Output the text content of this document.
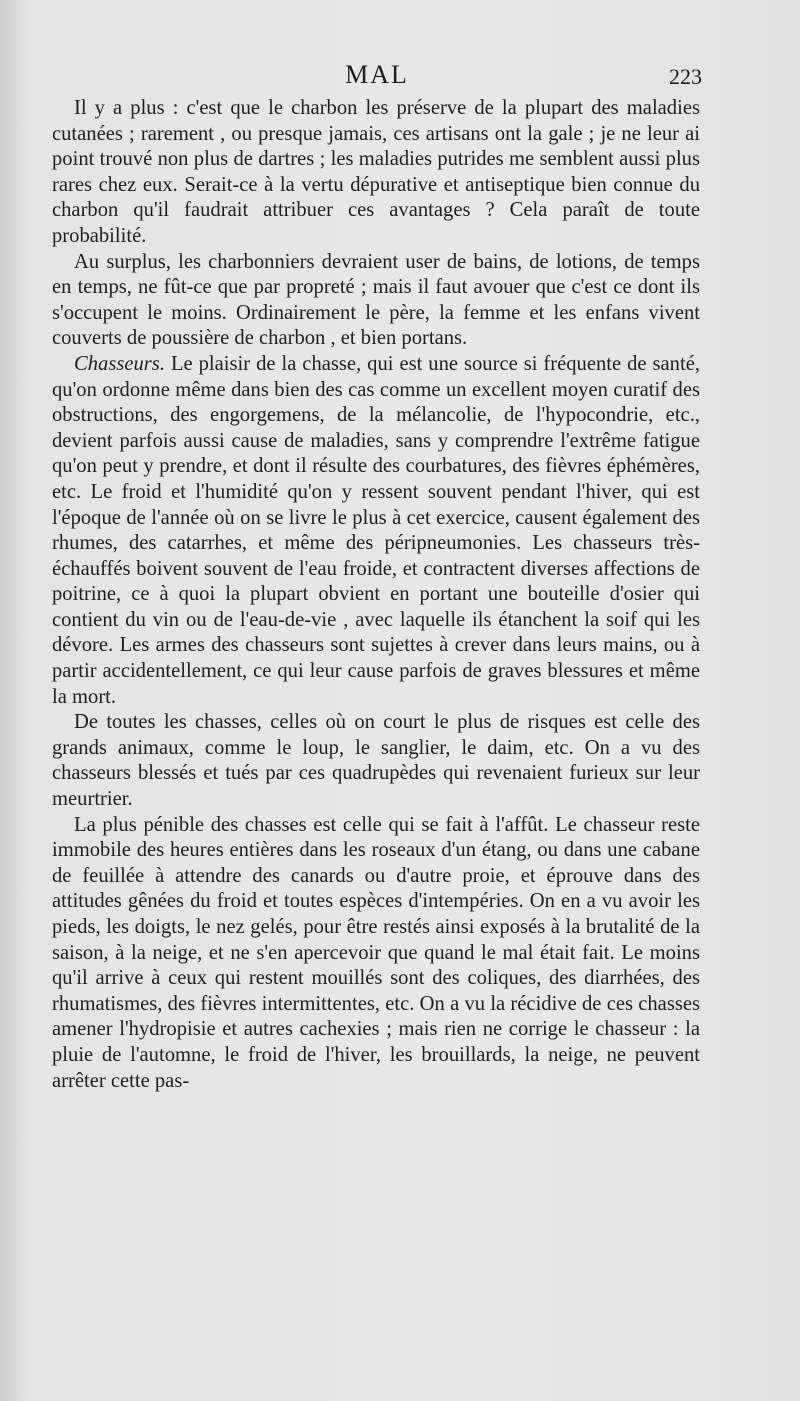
MAL	223

Il y a plus : c'est que le charbon les préserve de la plupart des maladies cutanées ; rarement , ou presque jamais, ces artisans ont la gale ; je ne leur ai point trouvé non plus de dartres ; les maladies putrides me semblent aussi plus rares chez eux. Serait-ce à la vertu dépurative et antiseptique bien connue du charbon qu'il faudrait attribuer ces avantages ? Cela paraît de toute probabilité.

Au surplus, les charbonniers devraient user de bains, de lotions, de temps en temps, ne fût-ce que par propreté ; mais il faut avouer que c'est ce dont ils s'occupent le moins. Ordinairement le père, la femme et les enfans vivent couverts de poussière de charbon , et bien portans.

Chasseurs. Le plaisir de la chasse, qui est une source si fréquente de santé, qu'on ordonne même dans bien des cas comme un excellent moyen curatif des obstructions, des engorgemens, de la mélancolie, de l'hypocondrie, etc., devient parfois aussi cause de maladies, sans y comprendre l'extrême fatigue qu'on peut y prendre, et dont il résulte des courbatures, des fièvres éphémères, etc. Le froid et l'humidité qu'on y ressent souvent pendant l'hiver, qui est l'époque de l'année où on se livre le plus à cet exercice, causent également des rhumes, des catarrhes, et même des péripneumonies. Les chasseurs très-échauffés boivent souvent de l'eau froide, et contractent diverses affections de poitrine, ce à quoi la plupart obvient en portant une bouteille d'osier qui contient du vin ou de l'eau-de-vie , avec laquelle ils étanchent la soif qui les dévore. Les armes des chasseurs sont sujettes à crever dans leurs mains, ou à partir accidentellement, ce qui leur cause parfois de graves blessures et même la mort.

De toutes les chasses, celles où on court le plus de risques est celle des grands animaux, comme le loup, le sanglier, le daim, etc. On a vu des chasseurs blessés et tués par ces quadrupèdes qui revenaient furieux sur leur meurtrier.

La plus pénible des chasses est celle qui se fait à l'affût. Le chasseur reste immobile des heures entières dans les roseaux d'un étang, ou dans une cabane de feuillée à attendre des canards ou d'autre proie, et éprouve dans des attitudes gênées du froid et toutes espèces d'intempéries. On en a vu avoir les pieds, les doigts, le nez gelés, pour être restés ainsi exposés à la brutalité de la saison, à la neige, et ne s'en apercevoir que quand le mal était fait. Le moins qu'il arrive à ceux qui restent mouillés sont des coliques, des diarrhées, des rhumatismes, des fièvres intermittentes, etc. On a vu la récidive de ces chasses amener l'hydropisie et autres cachexies ; mais rien ne corrige le chasseur : la pluie de l'automne, le froid de l'hiver, les brouillards, la neige, ne peuvent arrêter cette pas-
